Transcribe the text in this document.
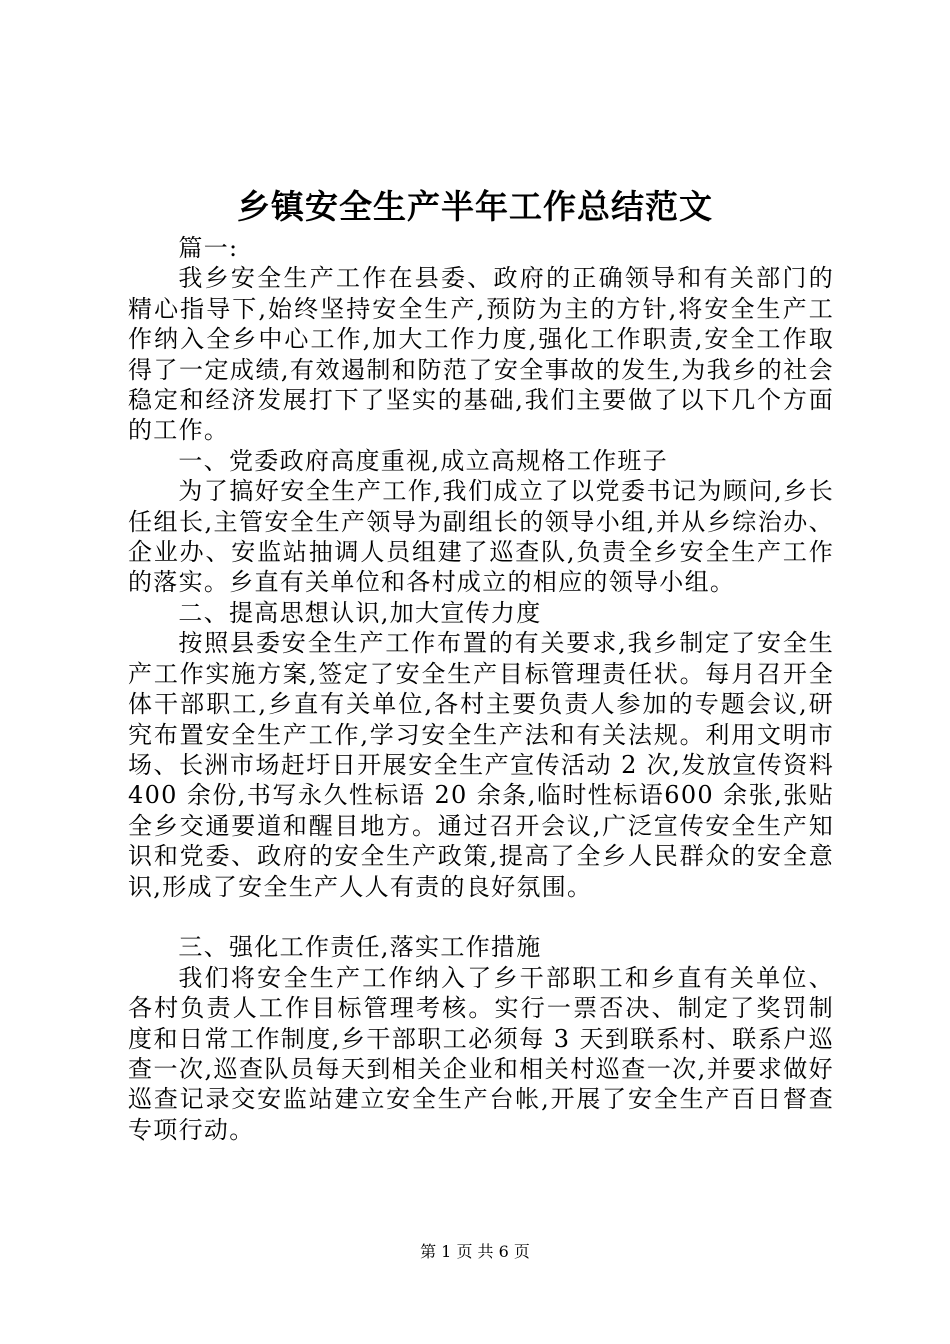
乡镇安全生产半年工作总结范文

篇一:

我乡安全生产工作在县委、政府的正确领导和有关部门的精心指导下,始终坚持安全生产,预防为主的方针,将安全生产工作纳入全乡中心工作,加大工作力度,强化工作职责,安全工作取得了一定成绩,有效遏制和防范了安全事故的发生,为我乡的社会稳定和经济发展打下了坚实的基础,我们主要做了以下几个方面的工作。

一、党委政府高度重视,成立高规格工作班子

为了搞好安全生产工作,我们成立了以党委书记为顾问,乡长任组长,主管安全生产领导为副组长的领导小组,并从乡综治办、企业办、安监站抽调人员组建了巡查队,负责全乡安全生产工作的落实。乡直有关单位和各村成立的相应的领导小组。

二、提高思想认识,加大宣传力度

按照县委安全生产工作布置的有关要求,我乡制定了安全生产工作实施方案,签定了安全生产目标管理责任状。每月召开全体干部职工,乡直有关单位,各村主要负责人参加的专题会议,研究布置安全生产工作,学习安全生产法和有关法规。利用文明市场、长洲市场赶圩日开展安全生产宣传活动 2 次,发放宣传资料 400 余份,书写永久性标语 20 余条,临时性标语600 余张,张贴全乡交通要道和醒目地方。通过召开会议,广泛宣传安全生产知识和党委、政府的安全生产政策,提高了全乡人民群众的安全意识,形成了安全生产人人有责的良好氛围。

三、强化工作责任,落实工作措施

我们将安全生产工作纳入了乡干部职工和乡直有关单位、各村负责人工作目标管理考核。实行一票否决、制定了奖罚制度和日常工作制度,乡干部职工必须每 3 天到联系村、联系户巡查一次,巡查队员每天到相关企业和相关村巡查一次,并要求做好巡查记录交安监站建立安全生产台帐,开展了安全生产百日督查专项行动。

第 1 页 共 6 页
